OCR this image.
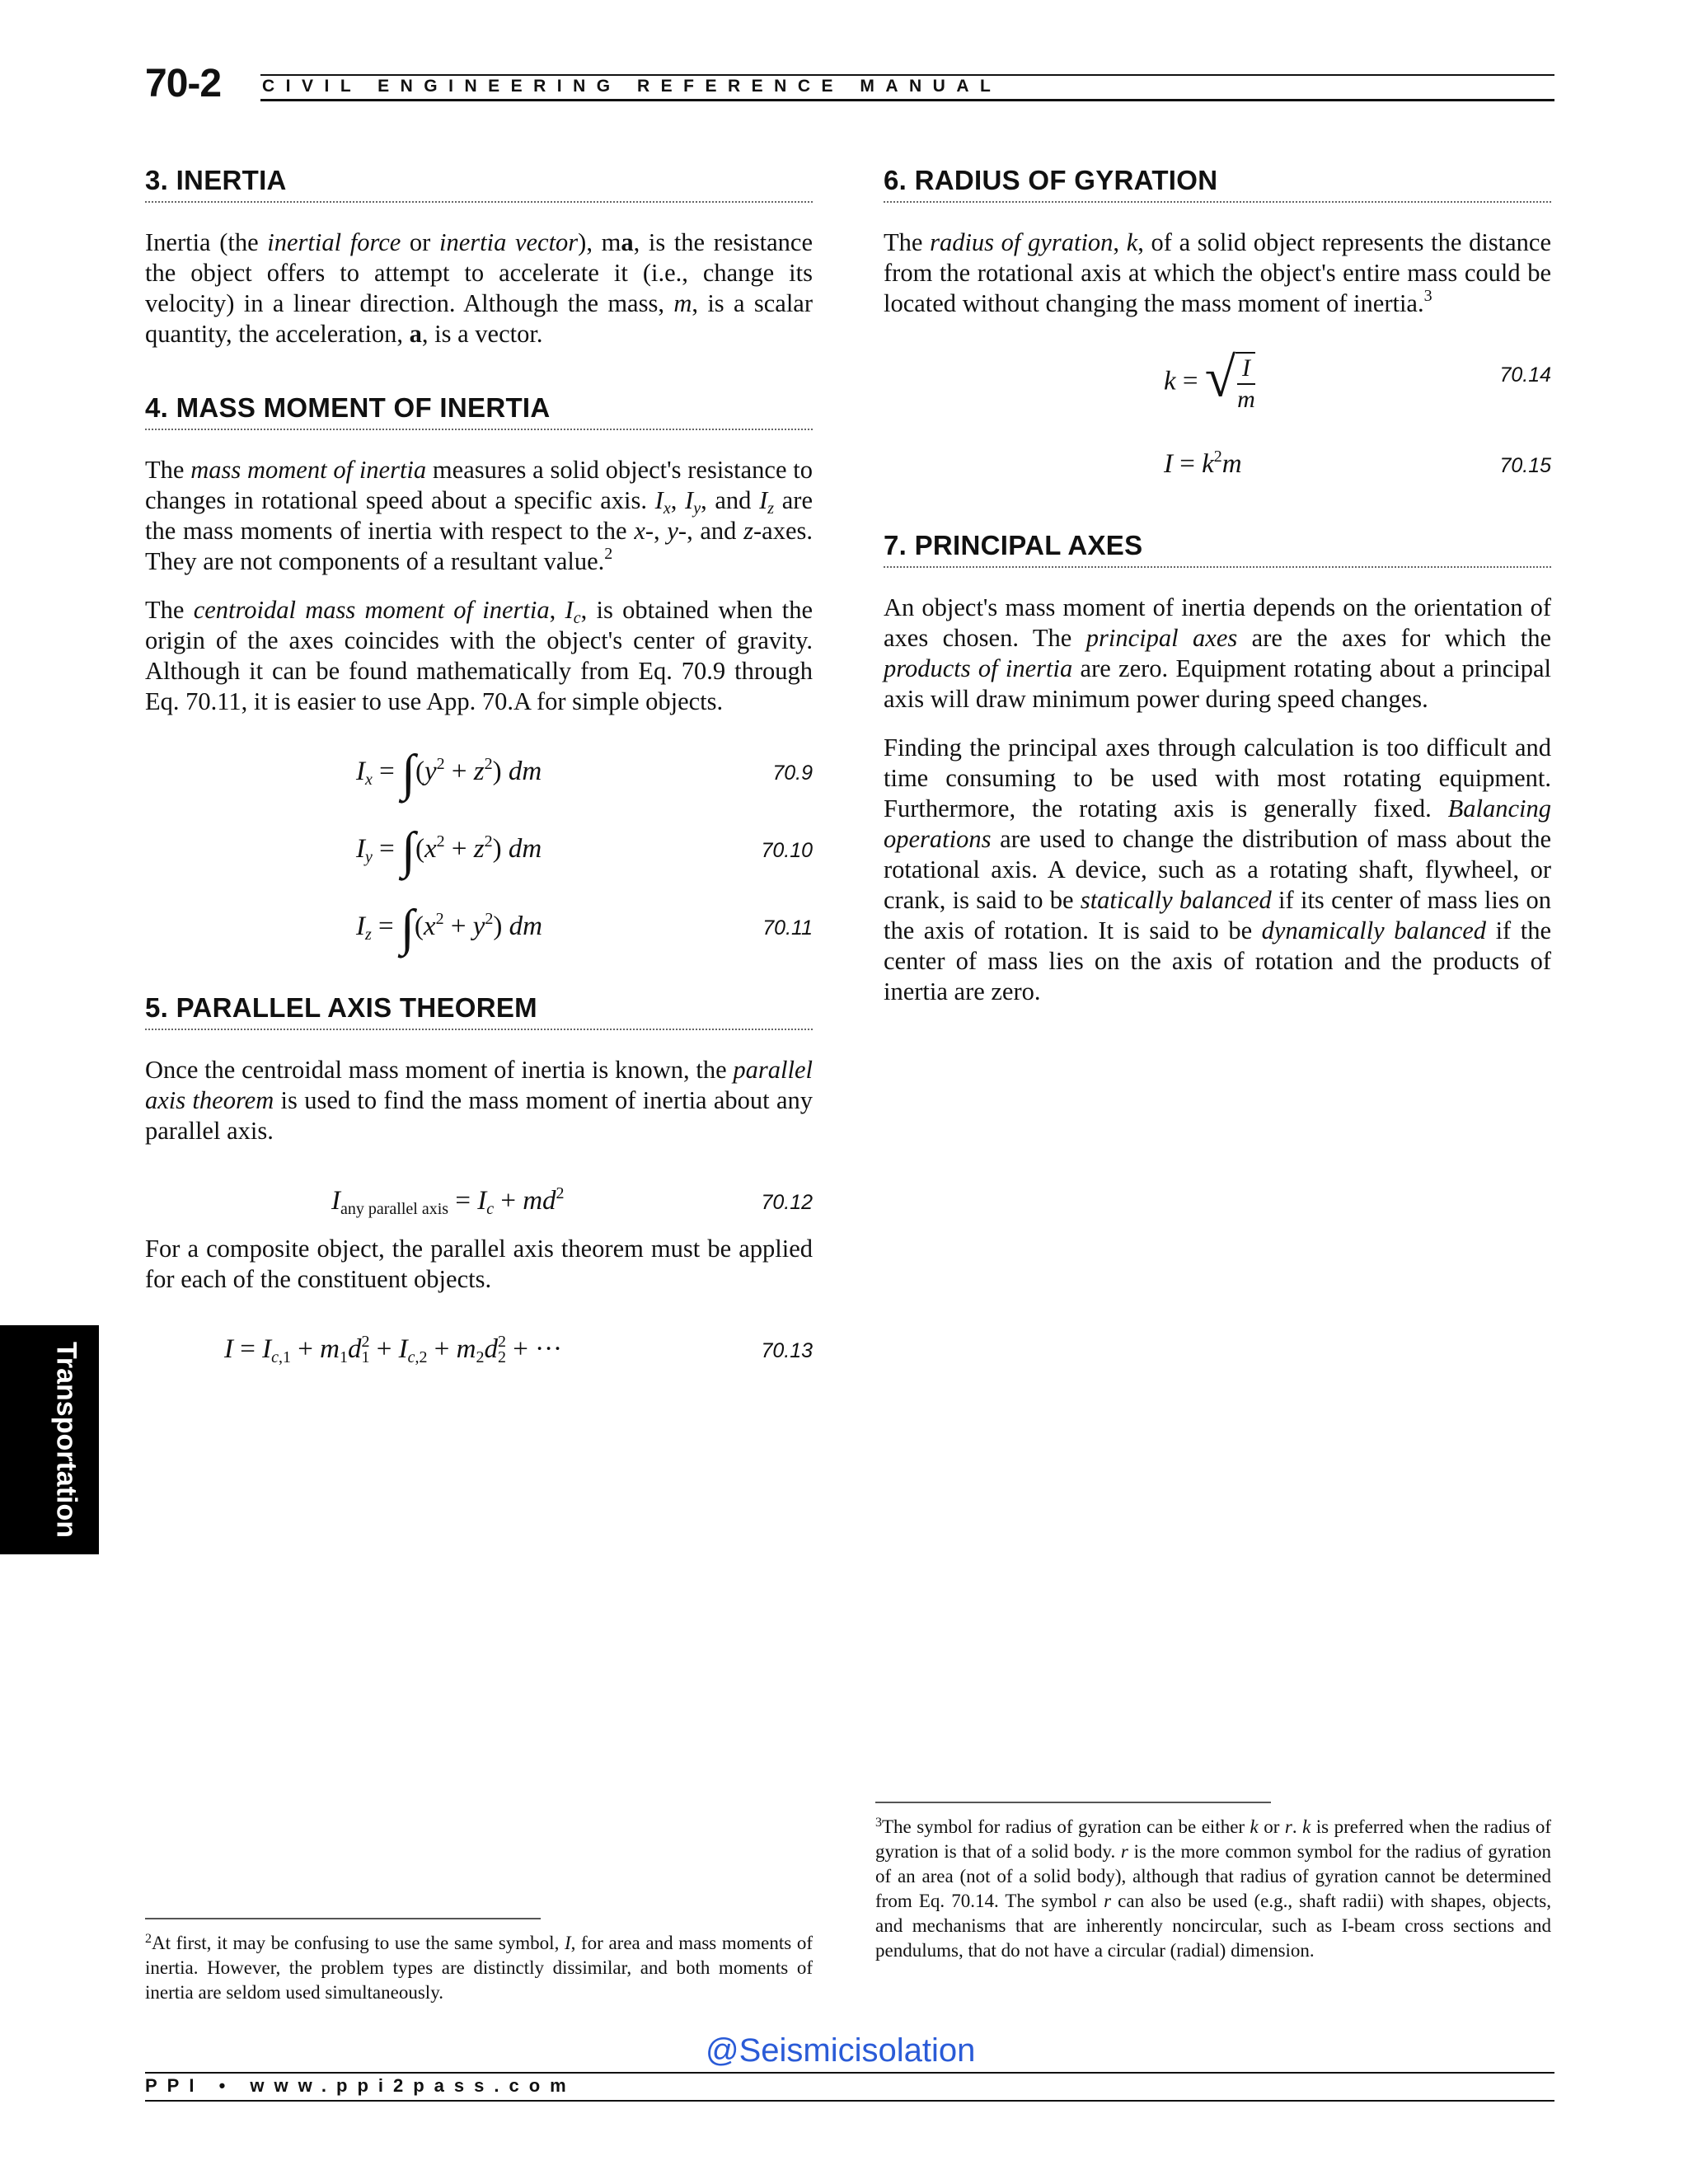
70-2 CIVIL ENGINEERING REFERENCE MANUAL
3. INERTIA

Inertia (the inertial force or inertia vector), ma, is the resistance the object offers to attempt to accelerate it (i.e., change its velocity) in a linear direction. Although the mass, m, is a scalar quantity, the acceleration, a, is a vector.

4. MASS MOMENT OF INERTIA

The mass moment of inertia measures a solid object's resistance to changes in rotational speed about a specific axis. $I_x$, $I_y$, and $I_z$ are the mass moments of inertia with respect to the x-, y-, and z-axes. They are not components of a resultant value.$^2$

The centroidal mass moment of inertia, $I_c$, is obtained when the origin of the axes coincides with the object's center of gravity. Although it can be found mathematically from Eq. 70.9 through Eq. 70.11, it is easier to use App. 70.A for simple objects.

$I_x = \int(y^2 + z^2)$ dm	70.9
$I_y = \int(x^2 + z^2)$ dm	70.10
$I_z = \int(x^2 + y^2)$ dm	70.11
5. PARALLEL AXIS THEOREM

Once the centroidal mass moment of inertia is known, the parallel axis theorem is used to find the mass moment of inertia about any parallel axis.

$I_{any parallel axis} = I_c + md^2$	70.12

For a composite object, the parallel axis theorem must be applied for each of the constituent objects.

$I = I_{c,1} + m_1d^2_1 + I_{c,2} + m_2d^2_2$ + ···	70.13
6. RADIUS OF GYRATION

The radius of gyration, k, of a solid object represents the distance from the rotational axis at which the object's entire mass could be located without changing the mass moment of inertia.$^3$

k = √ $\frac{I}{m}$	70.14
$I = k^2m$	70.15
7. PRINCIPAL AXES

An object's mass moment of inertia depends on the orientation of axes chosen. The principal axes are the axes for which the products of inertia are zero. Equipment rotating about a principal axis will draw minimum power during speed changes.

Finding the principal axes through calculation is too difficult and time consuming to be used with most rotating equipment. Furthermore, the rotating axis is generally fixed. Balancing operations are used to change the distribution of mass about the rotational axis. A device, such as a rotating shaft, flywheel, or crank, is said to be statically balanced if its center of mass lies on the axis of rotation. It is said to be dynamically balanced if the center of mass lies on the axis of rotation and the products of inertia are zero.

$^3$The symbol for radius of gyration can be either k or r. k is preferred when the radius of gyration is that of a solid body. r is the more common symbol for the radius of gyration of an area (not of a solid body), although that radius of gyration cannot be determined from Eq. 70.14. The symbol r can also be used (e.g., shaft radii) with shapes, objects, and mechanisms that are inherently noncircular, such as I-beam cross sections and pendulums, that do not have a circular (radial) dimension.
$^2$At first, it may be confusing to use the same symbol, I, for area and mass moments of inertia. However, the problem types are distinctly dissimilar, and both moments of inertia are seldom used simultaneously.
Transportation
@Seismicisolation
PPI • www.ppi2pass.com
